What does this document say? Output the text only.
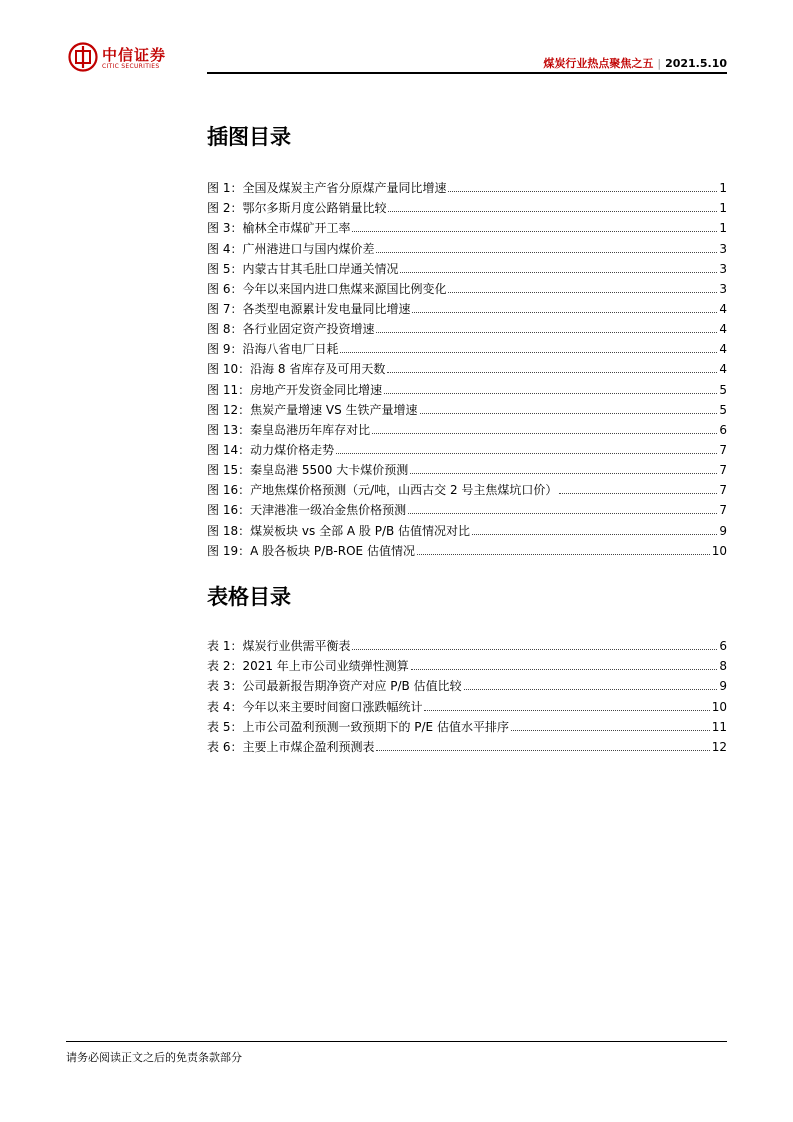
中信证券
CITIC SECURITIES	煤炭行业热点聚焦之五 | 2021.5.10
插图目录
图 1：全国及煤炭主产省分原煤产量同比增速	1
图 2：鄂尔多斯月度公路销量比较	1
图 3：榆林全市煤矿开工率	1
图 4：广州港进口与国内煤价差	3
图 5：内蒙古甘其毛肚口岸通关情况	3
图 6：今年以来国内进口焦煤来源国比例变化	3
图 7：各类型电源累计发电量同比增速	4
图 8：各行业固定资产投资增速	4
图 9：沿海八省电厂日耗	4
图 10：沿海 8 省库存及可用天数	4
图 11：房地产开发资金同比增速	5
图 12：焦炭产量增速 VS 生铁产量增速	5
图 13：秦皇岛港历年库存对比	6
图 14：动力煤价格走势	7
图 15：秦皇岛港 5500 大卡煤价预测	7
图 16：产地焦煤价格预测（元/吨，山西古交 2 号主焦煤坑口价）	7
图 16：天津港准一级冶金焦价格预测	7
图 18：煤炭板块 vs 全部 A 股 P/B 估值情况对比	9
图 19：A 股各板块 P/B-ROE 估值情况	10
表格目录
表 1：煤炭行业供需平衡表	6
表 2：2021 年上市公司业绩弹性测算	8
表 3：公司最新报告期净资产对应 P/B 估值比较	9
表 4：今年以来主要时间窗口涨跌幅统计	10
表 5：上市公司盈利预测一致预期下的 P/E 估值水平排序	11
表 6：主要上市煤企盈利预测表	12
请务必阅读正文之后的免责条款部分
